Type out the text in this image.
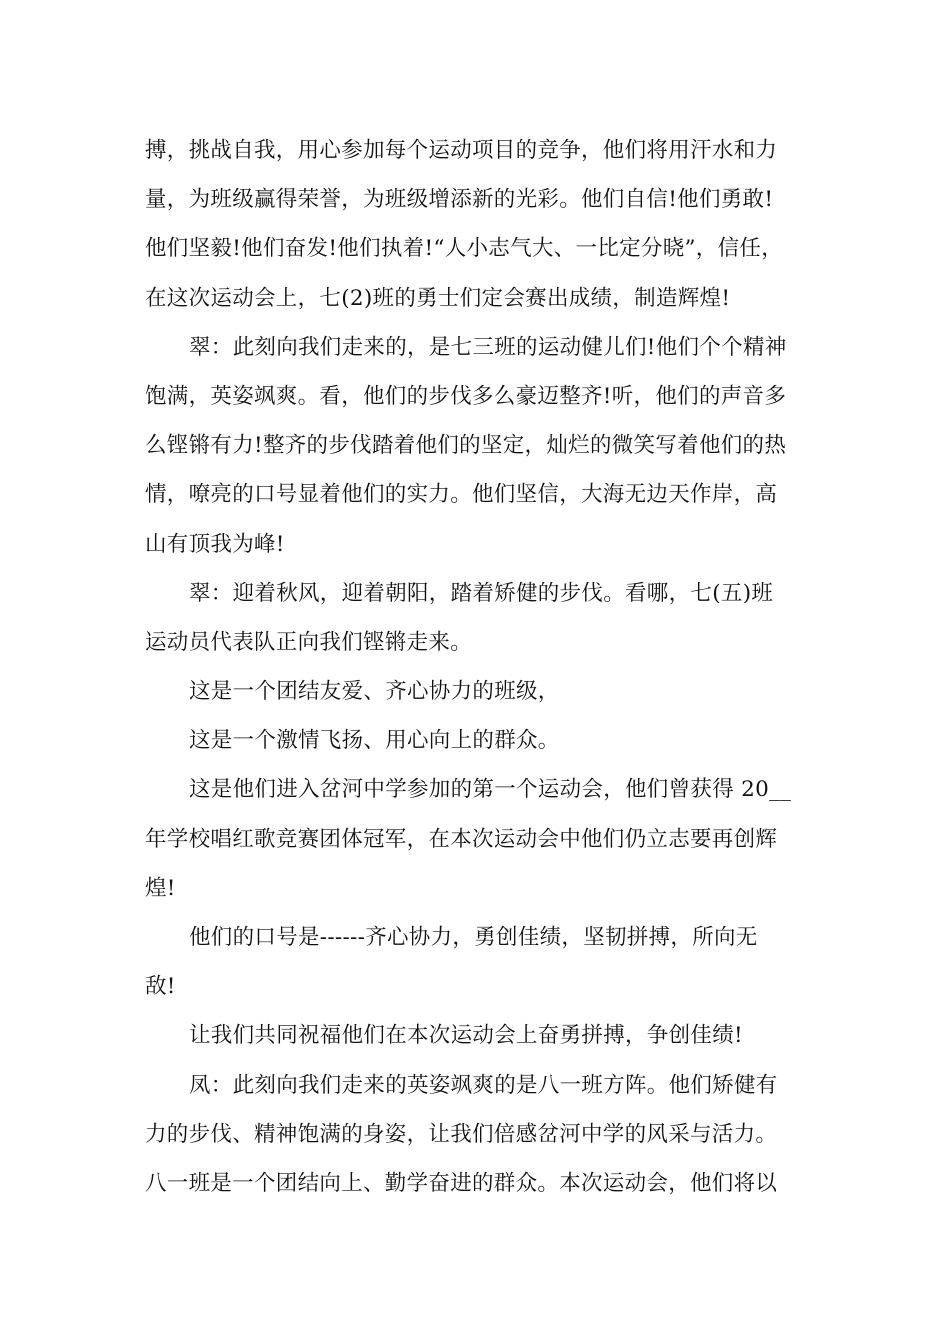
搏，挑战自我，用心参加每个运动项目的竞争，他们将用汗水和力
量，为班级赢得荣誉，为班级增添新的光彩。他们自信!他们勇敢!
他们坚毅!他们奋发!他们执着!“人小志气大、一比定分晓”，信任，
在这次运动会上，七(2)班的勇士们定会赛出成绩，制造辉煌!
翠：此刻向我们走来的，是七三班的运动健儿们!他们个个精神
饱满，英姿飒爽。看，他们的步伐多么豪迈整齐!听，他们的声音多
么铿锵有力!整齐的步伐踏着他们的坚定，灿烂的微笑写着他们的热
情，嘹亮的口号显着他们的实力。他们坚信，大海无边天作岸，高
山有顶我为峰!
翠：迎着秋风，迎着朝阳，踏着矫健的步伐。看哪，七(五)班
运动员代表队正向我们铿锵走来。
这是一个团结友爱、齐心协力的班级，
这是一个激情飞扬、用心向上的群众。
这是他们进入岔河中学参加的第一个运动会，他们曾获得 20__
年学校唱红歌竞赛团体冠军，在本次运动会中他们仍立志要再创辉
煌!
他们的口号是------齐心协力，勇创佳绩，坚韧拼搏，所向无
敌!
让我们共同祝福他们在本次运动会上奋勇拼搏，争创佳绩!
凤：此刻向我们走来的英姿飒爽的是八一班方阵。他们矫健有
力的步伐、精神饱满的身姿，让我们倍感岔河中学的风采与活力。
八一班是一个团结向上、勤学奋进的群众。本次运动会，他们将以
